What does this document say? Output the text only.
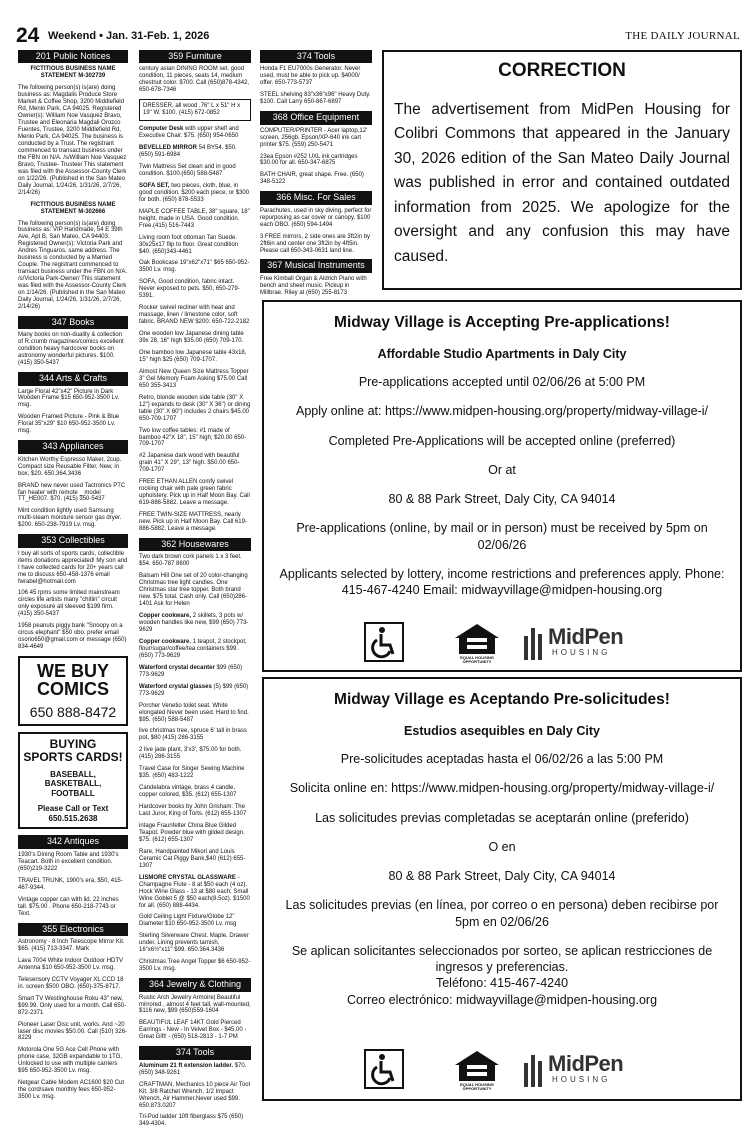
24 Weekend • Jan. 31-Feb. 1, 2026	THE DAILY JOURNAL
201 Public Notices
FICTITIOUS BUSINESS NAME STATEMENT M-302739
The following person(s) is(are) doing business as: Magdalis Produce Store Market & Coffee Shop, 3200 Middlefield Rd, Menlo Park, CA 94025. Registered Owner(s): William Noe Vasquez Bravo, Trustee and Eleonaria Magdali Orozco Fuentes, Trustee, 3200 Middlefield Rd, Menlo Park, CA 94025. The business is conducted by a Trust. The registrant commenced to transact business under the FBN on N/A. /s/William Noe Vasquez Bravo, Trustee- Trustee/ This statement was filed with the Assessor-County Clerk on 1/22/26. (Published in the San Mateo Daily Journal, 1/24/26, 1/31/26, 2/7/26, 2/14/26)
FICTITIOUS BUSINESS NAME STATEMENT M-302666
The following person(s) is(are) doing business as: VIP Handmade, 54 E 39th Ave, Apt B, San Mateo, CA 94403. Registered Owner(s): Victoria Park and Andres Tinguaros, same address. The business is conducted by a Married Couple. The registrant commenced to transact business under the FBN on N/A. /s/Victoria Park-Owner/ This statement was filed with the Assessor-County Clerk on 1/14/26. (Published in the San Mateo Daily Journal, 1/24/26, 1/31/26, 2/7/26, 2/14/26)
347 Books
Many books on non-duality & collection of R.crumb magazines/comics excellent condition heavy hardcover books on astronomy wonderful pictures. $100. (415) 350-5437
344 Arts & Crafts
Large Floral 42"x42" Picture in Dark Wooden Frame $15 650-952-3500 Lv. msg.
Wooden Framed Picture - Pink & Blue Floral 35"x29" $10 650-952-3500 Lv. msg.
343 Appliances
Kitchen Worthy Espresso Maker, 2cup. Compact size Reusable Filter, New, in box, $20. 650.364.3436
BRAND new never used Tactronics PTC fan heater with remote _ model TT_HE007. $70. (415) 350-5437
Mint condition lightly used Samsung multi-steam moisture sensor gas dryer. $200. 650-238-7919 Lv. msg.
353 Collectibles
I buy all sorts of sports cards, collectible items donations appreciated! My son and I have collected cards for 20+ years call me to discuss 650-458-1376 email fwrabel@hotmail.com
106 45 rpms some limited mainstream circles life artists many "chitlin" circuit only exposure all sleeved $199 firm. (415) 350-5437
1958 peanuts piggy bank "Snoopy on a circus elephant" $50 obo. prefer email osorio650@gmail.com or message (650) 834-4649
WE BUY
COMICS
650 888-8472
BUYING
SPORTS CARDS!
BASEBALL,
BASKETBALL, FOOTBALL
Please Call or Text
650.515.2638
342 Antiques
1930's Dining Room Table and 1930's Teacart. Both in excellent condition. (650)219-3222
TRAVEL TRUNK, 1900's era, $50, 415-467-9344.
Vintage copper can with lid. 22 inches tall. $75.00 . Phone 650-218-7743 or Text.
355 Electronics
Astronomy - 8 Inch Telescope Mirror Kit. $65. (415) 713-3347. Mark
Lava 7004 White Indoor Outdoor HDTV Antenna $10 650-952-3500 Lv. msg.
Telesensory CCTV Voyager XL CCD 18 in. screen $500 OBO. (650)-375-8717.
Smart TV Westinghouse Roku 43" new, $99.99. Only used for a month. Call 650-872-2371
Pioneer Laser Disc unit, works. And ~20 laser disc movies $50.00. Call (510) 326-8229
Motorola One 5G Ace Cell Phone with phone case, 32GB expandable to 1TG, Unlocked to use with multiple carriers $95 650-952-3500 Lv. msg.
Netgear Cable Modem AC1600 $20 Cut the cord/save monthly fees 650-952-3500 Lv. msg.
359 Furniture
century asian DINING ROOM set. good condition, 11 pieces, seats 14, medium chestnut color. $700. Call (650)878-4342, 650-678-7346
DRESSER, all wood .76" L x 51" H x 19" W. $100. (415) 672-0852
Computer Desk with upper shelf and Executive Chair. $75. (650) 954-0650
BEVELLED MIRROR 54 BY54. $50. (650) 591-6984
Twin Mattress Set clean and in good condition. $100.(650) 588-5487
SOFA SET, two pieces, cloth, blue, in good condition. $200 each piece, or $300 for both. (650) 878-5533
MAPLE COFFEE TABLE, 38" square, 18" height, made in USA. Good condition. Free.(415) 516-7443
Living room foot ottoman Tan Suede. 30x25x17 flip to floor. Great condition $40. (650)343-4461
Oak Bookcase 19"x62"x71" $65 650-952-3500 Lv. msg.
SOFA, Good condition, fabric intact. Never exposed to pets. $50, 650-279-5391.
Rocker swivel recliner with heat and massage, linen / limestone color, soft fabric. BRAND NEW $200. 650-722-2182
One wooden low Japanese dining table 39x 28, 16" high $35.00 (650) 709-170.
One bamboo low Japanese table 43x18, 15" high $25 (650) 709-1707.
Almost New Queen Size Mattress Topper 3" Gel Memory Foam Asking $75.00 Call 650 355-3413
Retro, blonde wooden side table (30" X 12") expands to desk (30" X 36") or dining table (30" X 60") includes 2 chairs $45.00 650-709-1707
Two low coffee tables: #1 made of bamboo 42"X 18", 15" high; $20.00 650-709-1707
#2 Japanese dark wood with beautiful grain 41" X 29", 13" high. $50.00 650-709-1707
FREE ETHAN ALLEN comfy swivel rocking chair with pale green fabric upholstery. Pick up in Half Moon Bay. Call 619-886-5882. Leave a message.
FREE TWIN-SIZE MATTRESS, nearly new. Pick up in Half Moon Bay. Call 619-886-5882. Leave a message.
362 Housewares
Two dark brown cork panels 1 x 3 feet. $54. 650-787 8600
Balsam Hill One set of 20 color-changing Christmas tree light candles. One Christmas star tree topper. Both brand new. $75 total. Cash only. Call (650)286-1401 Ask for Helen
Copper cookware, 2 skillets, 3 pots w/ wooden handles like new, $99 (650) 773-9629
Copper cookware, 1 teapot, 2 stockpot, flour/sugar/coffee/tea containers $99. (650) 773-9629
Waterford crystal decanter $99 (650) 773-9629
Waterford crystal glasses (5) $99 (650) 773-9629
Porcher Venetio toilet seat. White elongated Never been used. Hard to find. $95. (650) 588-5487
live christmas tree, spruce 6' tall in brass pot, $80 (415) 286-3155
2 live jade plant, 3'x3', $75.00 for both. (415) 286-3155
Travel Case for Singer Sewing Machine $35. (650) 483-1222
Candelabra vintage, brass 4 candle, copper colored, $35. (612) 655-1307
Hardcover books by John Grisham: The Last Juror, King of Torts. (612) 655-1307
intage Fraunfelter China Blue Gilded Teapot. Powder blue with gilded design. $75. (612) 655-1307
Rare, Handpainted Mikori and Louis Ceramic Cat Piggy Bank,$40 (612) 655-1307
LISMORE CRYSTAL GLASSWARE - Champagne Flute - 8 at $50 each (4 oz). Hock Wine Glass - 13 at $80 each; Small Wine Goblet 5 @ $50 each(8.5oz). $1500 for all. (650) 888-4434.
Gold Ceiling Light Fixture/Globe 12" Diameter $10 650-952-3500 Lv. msg
Sterling Silverware Chest. Maple. Drawer under. Lining prevents tarnish, 16"x6½"x11" $99. 650.364.3436
Christmas Tree Angel Topper $6 650-952-3500 Lv. msg.
364 Jewelry & Clothing
Rustic Arch Jewelry Armoire| Beautiful mirrored , almost 4 feet tall, wall-mounted, $116 new, $99 (650)559-1604
BEAUTIFUL LEAF 14KT Gold Pierced Earrings - New - In Velvet Box - $45.00 - Great Gift! - (650) 518-2813 - 1-7 PM
374 Tools
Aluminum 21 ft extension ladder. $70. (650) 348-9261
CRAFTMAN, Mechanics 10 piece Air Tool Kit. 3/8 Ratchet Wrench, 1/2 Impact Wrench, Air Hammer.Never used $99. 650.873.0207
Tri-Pod ladder 10ft fiberglass $75 (650) 349-4304.
374 Tools
Honda F1 EU7000s Generator. Never used, must be able to pick up. $4000/ offer. 650-773-5737
STEEL shelving 83"x36"x96" Heavy Duty. $100. Call Larry 650-867-6897
368 Office Equipment
COMPUTER/PRINTER - Acer laptop,12' screen, 256gb. Epson/XP-640 ink cart printer $75. (559) 250-5471
23ea Epson #252 UXL ink cartridges $30.00 for all. 650-347-6875
BATH CHAIR, great shape. Free. (650) 348-5122
366 Misc. For Sales
Parachutes, used in sky diving, perfect for repurposing as car cover or canopy. $100 each OBO. (650) 594-1494
3 FREE mirrors, 2 side ones are 3ft2in by 2ft6in and center one 3ft2in by 4ft5in. Please call 650-343-0631 land line.
367 Musical Instruments
Free Kimball Organ & Aldrich Piano with bench and sheet music. Pickup in Millbrae. Riley at (650) 255-8173
CORRECTION
The advertisement from MidPen Housing for Colibri Commons that appeared in the January 30, 2026 edition of the San Mateo Daily Journal was published in error and contained outdated information from 2025. We apologize for the oversight and any confusion this may have caused.
Midway Village is Accepting Pre-applications!
Affordable Studio Apartments in Daly City
Pre-applications accepted until 02/06/26 at 5:00 PM
Apply online at: https://www.midpen-housing.org/property/midway-village-i/
Completed Pre-Applications will be accepted online (preferred)
Or at
80 & 88 Park Street, Daly City, CA 94014
Pre-applications (online, by mail or in person) must be received by 5pm on 02/06/26
Applicants selected by lottery, income restrictions and preferences apply. Phone: 415-467-4240 Email: midwayvillage@midpen-housing.org
EQUAL HOUSING OPPORTUNITY
MidPen
HOUSING
Midway Village es Aceptando Pre-solicitudes!
Estudios asequibles en Daly City
Pre-solicitudes aceptadas hasta el 06/02/26 a las 5:00 PM
Solicita online en: https://www.midpen-housing.org/property/midway-village-i/
Las solicitudes previas completadas se aceptarán online (preferido)
O en
80 & 88 Park Street, Daly City, CA 94014
Las solicitudes previas (en línea, por correo o en persona) deben recibirse por 5pm en 02/06/26
Se aplican solicitantes seleccionados por sorteo, se aplican restricciones de ingresos y preferencias.
Teléfono: 415-467-4240
Correo electrónico: midwayvillage@midpen-housing.org
EQUAL HOUSING OPPORTUNITY
MidPen
HOUSING
